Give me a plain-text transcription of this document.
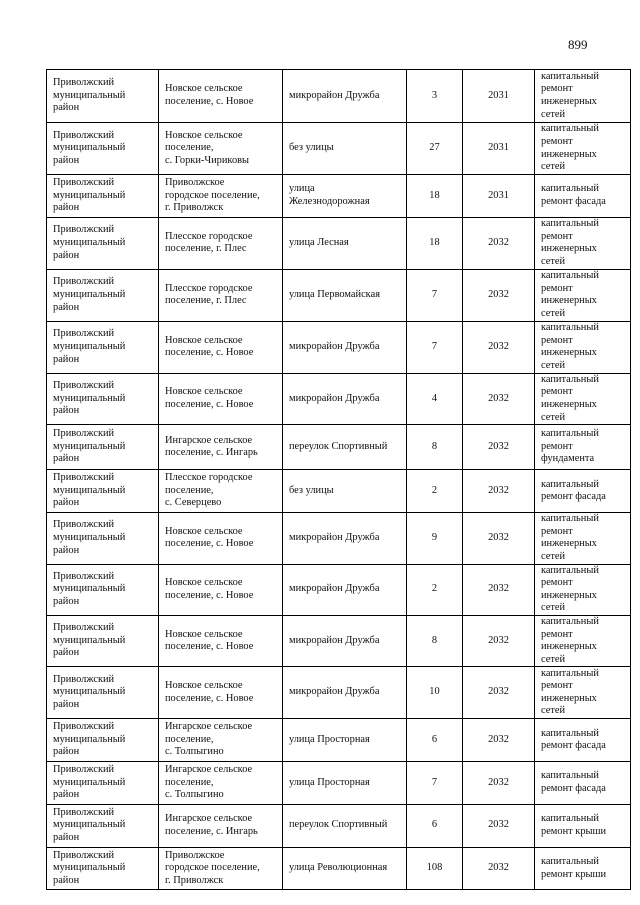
899
Приволжский
муниципальный
район	Новское сельское
поселение, с. Новое	микрорайон Дружба	3	2031	капитальный
ремонт
инженерных
сетей
Приволжский
муниципальный
район	Новское сельское
поселение,
с. Горки-Чириковы	без улицы	27	2031	капитальный
ремонт
инженерных
сетей
Приволжский
муниципальный
район	Приволжское
городское поселение,
г. Приволжск	улица
Железнодорожная	18	2031	капитальный
ремонт фасада
Приволжский
муниципальный
район	Плесское городское
поселение, г. Плес	улица Лесная	18	2032	капитальный
ремонт
инженерных
сетей
Приволжский
муниципальный
район	Плесское городское
поселение, г. Плес	улица Первомайская	7	2032	капитальный
ремонт
инженерных
сетей
Приволжский
муниципальный
район	Новское сельское
поселение, с. Новое	микрорайон Дружба	7	2032	капитальный
ремонт
инженерных
сетей
Приволжский
муниципальный
район	Новское сельское
поселение, с. Новое	микрорайон Дружба	4	2032	капитальный
ремонт
инженерных
сетей
Приволжский
муниципальный
район	Ингарское сельское
поселение, с. Ингарь	переулок Спортивный	8	2032	капитальный
ремонт
фундамента
Приволжский
муниципальный
район	Плесское городское
поселение,
с. Северцево	без улицы	2	2032	капитальный
ремонт фасада
Приволжский
муниципальный
район	Новское сельское
поселение, с. Новое	микрорайон Дружба	9	2032	капитальный
ремонт
инженерных
сетей
Приволжский
муниципальный
район	Новское сельское
поселение, с. Новое	микрорайон Дружба	2	2032	капитальный
ремонт
инженерных
сетей
Приволжский
муниципальный
район	Новское сельское
поселение, с. Новое	микрорайон Дружба	8	2032	капитальный
ремонт
инженерных
сетей
Приволжский
муниципальный
район	Новское сельское
поселение, с. Новое	микрорайон Дружба	10	2032	капитальный
ремонт
инженерных
сетей
Приволжский
муниципальный
район	Ингарское сельское
поселение,
с. Толпыгино	улица Просторная	6	2032	капитальный
ремонт фасада
Приволжский
муниципальный
район	Ингарское сельское
поселение,
с. Толпыгино	улица Просторная	7	2032	капитальный
ремонт фасада
Приволжский
муниципальный
район	Ингарское сельское
поселение, с. Ингарь	переулок Спортивный	6	2032	капитальный
ремонт крыши
Приволжский
муниципальный
район	Приволжское
городское поселение,
г. Приволжск	улица Революционная	108	2032	капитальный
ремонт крыши
